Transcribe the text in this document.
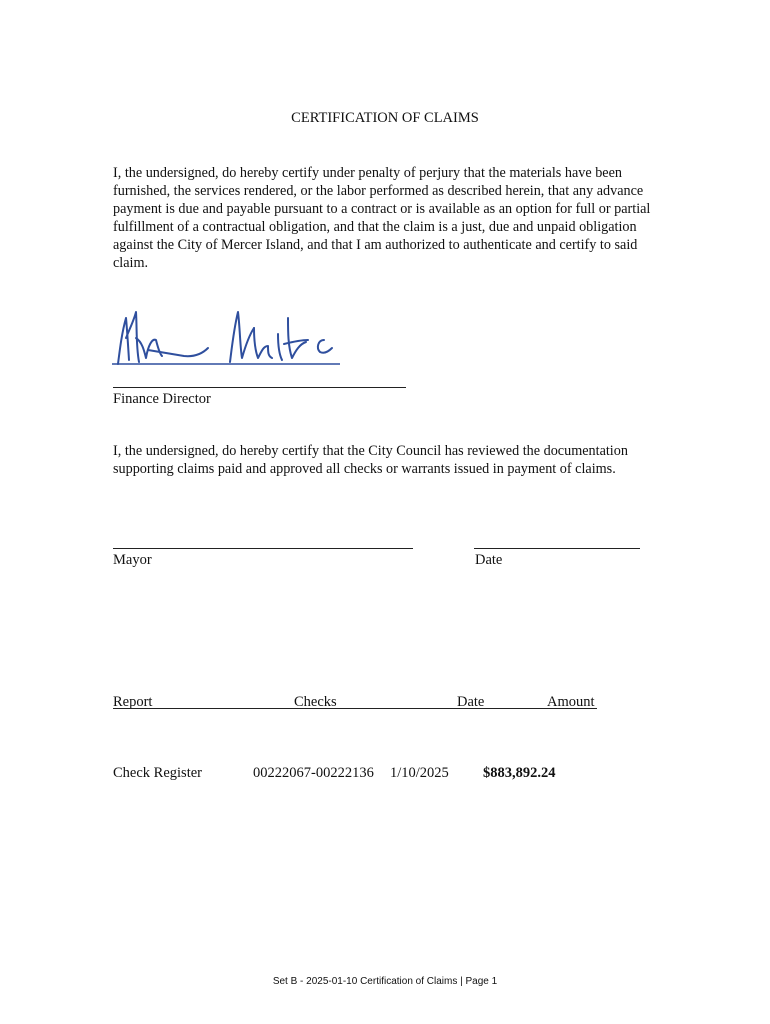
CERTIFICATION OF CLAIMS
I, the undersigned, do hereby certify under penalty of perjury that the materials have been furnished, the services rendered, or the labor performed as described herein, that any advance payment is due and payable pursuant to a contract or is available as an option for full or partial fulfillment of a contractual obligation, and that the claim is a just, due and unpaid obligation against the City of Mercer Island, and that I am authorized to authenticate and certify to said claim.
Finance Director
I, the undersigned, do hereby certify that the City Council has reviewed the documentation supporting claims paid and approved all checks or warrants issued in payment of claims.
Mayor	Date
Report	Checks	Date	Amount
Check Register	00222067-00222136 1/10/2025 $883,892.24
Set B - 2025-01-10 Certification of Claims | Page 1
